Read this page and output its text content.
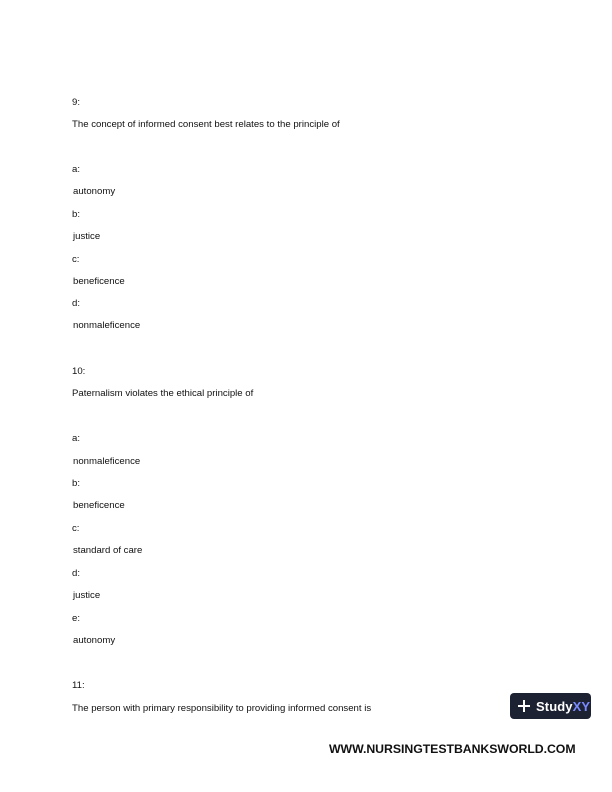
9:
The concept of informed consent best relates to the principle of
a:
autonomy
b:
justice
c:
beneficence
d:
nonmaleficence
10:
Paternalism violates the ethical principle of
a:
nonmaleficence
b:
beneficence
c:
standard of care
d:
justice
e:
autonomy
11:
The person with primary responsibility to providing informed consent is	StudyXY
WWW.NURSINGTESTBANKSWORLD.COM
